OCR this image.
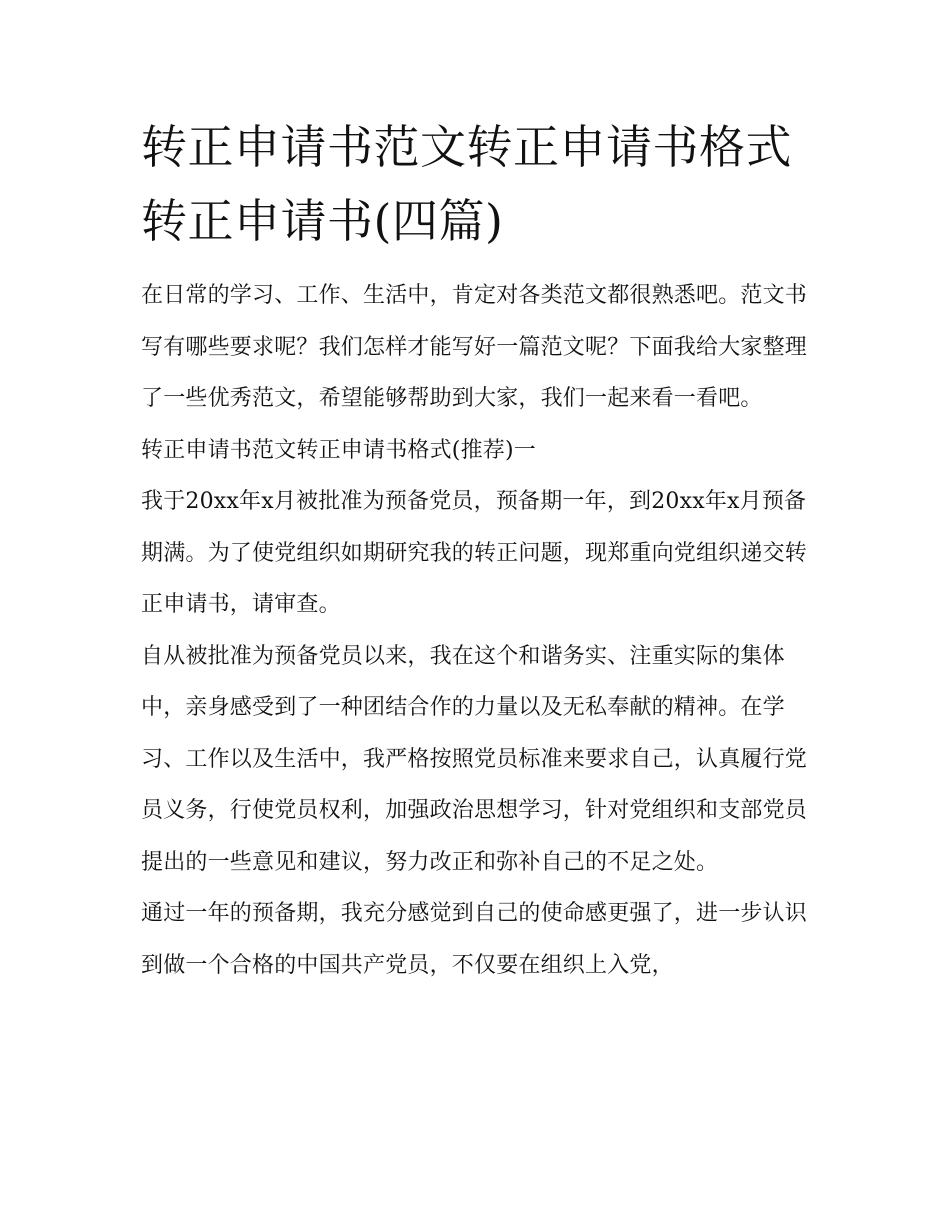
转正申请书范文转正申请书格式 转正申请书(四篇)

在日常的学习、工作、生活中，肯定对各类范文都很熟悉吧。范文书写有哪些要求呢？我们怎样才能写好一篇范文呢？下面我给大家整理了一些优秀范文，希望能够帮助到大家，我们一起来看一看吧。

转正申请书范文转正申请书格式(推荐)一

我于20xx年x月被批准为预备党员，预备期一年，到20xx年x月预备期满。为了使党组织如期研究我的转正问题，现郑重向党组织递交转正申请书，请审查。

自从被批准为预备党员以来，我在这个和谐务实、注重实际的集体中，亲身感受到了一种团结合作的力量以及无私奉献的精神。在学习、工作以及生活中，我严格按照党员标准来要求自己，认真履行党员义务，行使党员权利，加强政治思想学习，针对党组织和支部党员提出的一些意见和建议，努力改正和弥补自己的不足之处。

通过一年的预备期，我充分感觉到自己的使命感更强了，进一步认识到做一个合格的中国共产党员，不仅要在组织上入党，
